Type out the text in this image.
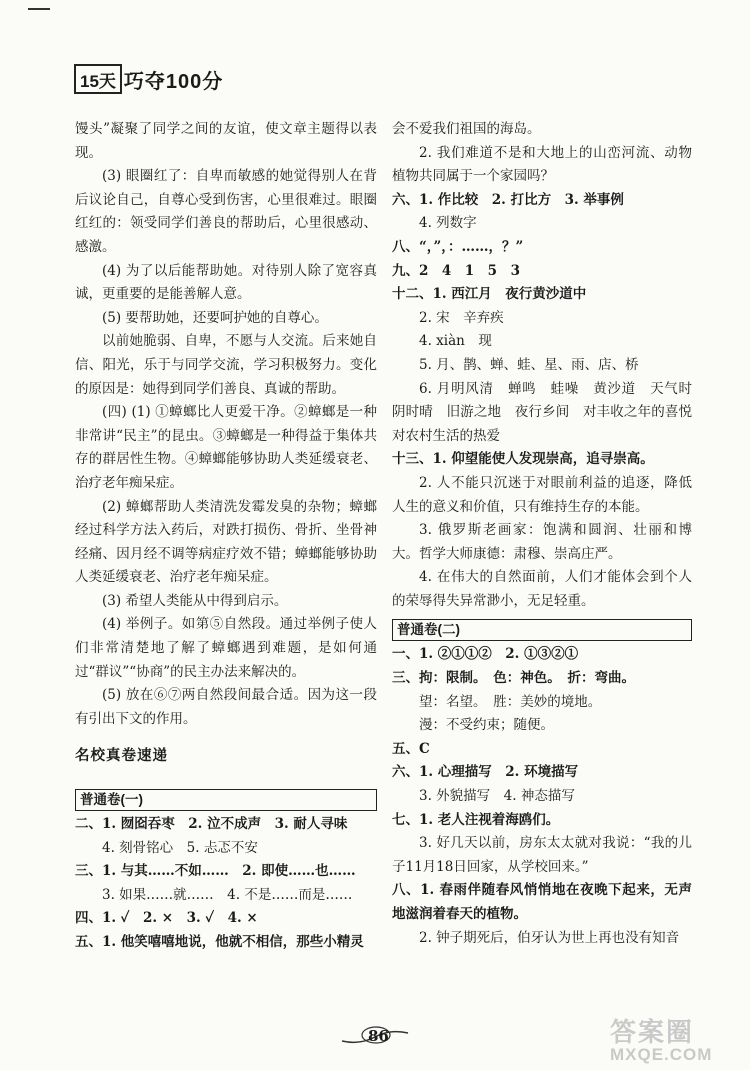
15天 巧夺100分

馒头”凝聚了同学之间的友谊，使文章主题得以表现。

(3) 眼圈红了：自卑而敏感的她觉得别人在背后议论自己，自尊心受到伤害，心里很难过。眼圈红红的：领受同学们善良的帮助后，心里很感动、感激。

(4) 为了以后能帮助她。对待别人除了宽容真诚，更重要的是能善解人意。

(5) 要帮助她，还要呵护她的自尊心。

以前她脆弱、自卑，不愿与人交流。后来她自信、阳光，乐于与同学交流，学习积极努力。变化的原因是：她得到同学们善良、真诚的帮助。

(四) (1) ①蟑螂比人更爱干净。②蟑螂是一种非常讲“民主”的昆虫。③蟑螂是一种得益于集体共存的群居性生物。④蟑螂能够协助人类延缓衰老、治疗老年痴呆症。

(2) 蟑螂帮助人类清洗发霉发臭的杂物；蟑螂经过科学方法入药后，对跌打损伤、骨折、坐骨神经痛、因月经不调等病症疗效不错；蟑螂能够协助人类延缓衰老、治疗老年痴呆症。

(3) 希望人类能从中得到启示。

(4) 举例子。如第⑤自然段。通过举例子使人们非常清楚地了解了蟑螂遇到难题，是如何通过“群议”“协商”的民主办法来解决的。

(5) 放在⑥⑦两自然段间最合适。因为这一段有引出下文的作用。

名校真卷速递

普通卷(一)

二、1. 囫囵吞枣　2. 泣不成声　3. 耐人寻味

4. 刻骨铭心　5. 忐忑不安

三、1. 与其……不如……　2. 即使……也……

3. 如果……就……　4. 不是……而是……

四、1. ✓　2. ×　3. ✓　4. ×

五、1. 他笑嘻嘻地说，他就不相信，那些小精灵

会不爱我们祖国的海岛。

2. 我们难道不是和大地上的山峦河流、动物植物共同属于一个家园吗？

六、1. 作比较　2. 打比方　3. 举事例

4. 列数字

八、“，”，：……，？”

九、2　4　1　5　3

十二、1. 西江月　夜行黄沙道中

2. 宋　辛弃疾

4. xiàn　现

5. 月、鹊、蝉、蛙、星、雨、店、桥

6. 月明风清　蝉鸣　蛙噪　黄沙道　天气时阴时晴　旧游之地　夜行乡间　对丰收之年的喜悦　对农村生活的热爱

十三、1. 仰望能使人发现崇高，追寻崇高。

2. 人不能只沉迷于对眼前利益的追逐，降低人生的意义和价值，只有维持生存的本能。

3. 俄罗斯老画家：饱满和圆润、壮丽和博大。哲学大师康德：肃穆、崇高庄严。

4. 在伟大的自然面前，人们才能体会到个人的荣辱得失异常渺小，无足轻重。

普通卷(二)

一、1. ②①①②　2. ①③②①

三、拘：限制。　色：神色。　折：弯曲。

望：名望。　胜：美妙的境地。

漫：不受约束；随便。

五、C

六、1. 心理描写　2. 环境描写

3. 外貌描写　4. 神态描写

七、1. 老人注视着海鸥们。

3. 好几天以前，房东太太就对我说：“我的儿子11月18日回家，从学校回来。”

八、1. 春雨伴随春风悄悄地在夜晚下起来，无声地滋润着春天的植物。

2. 钟子期死后，伯牙认为世上再也没有知音

86	答案圈
MXQE.COM
